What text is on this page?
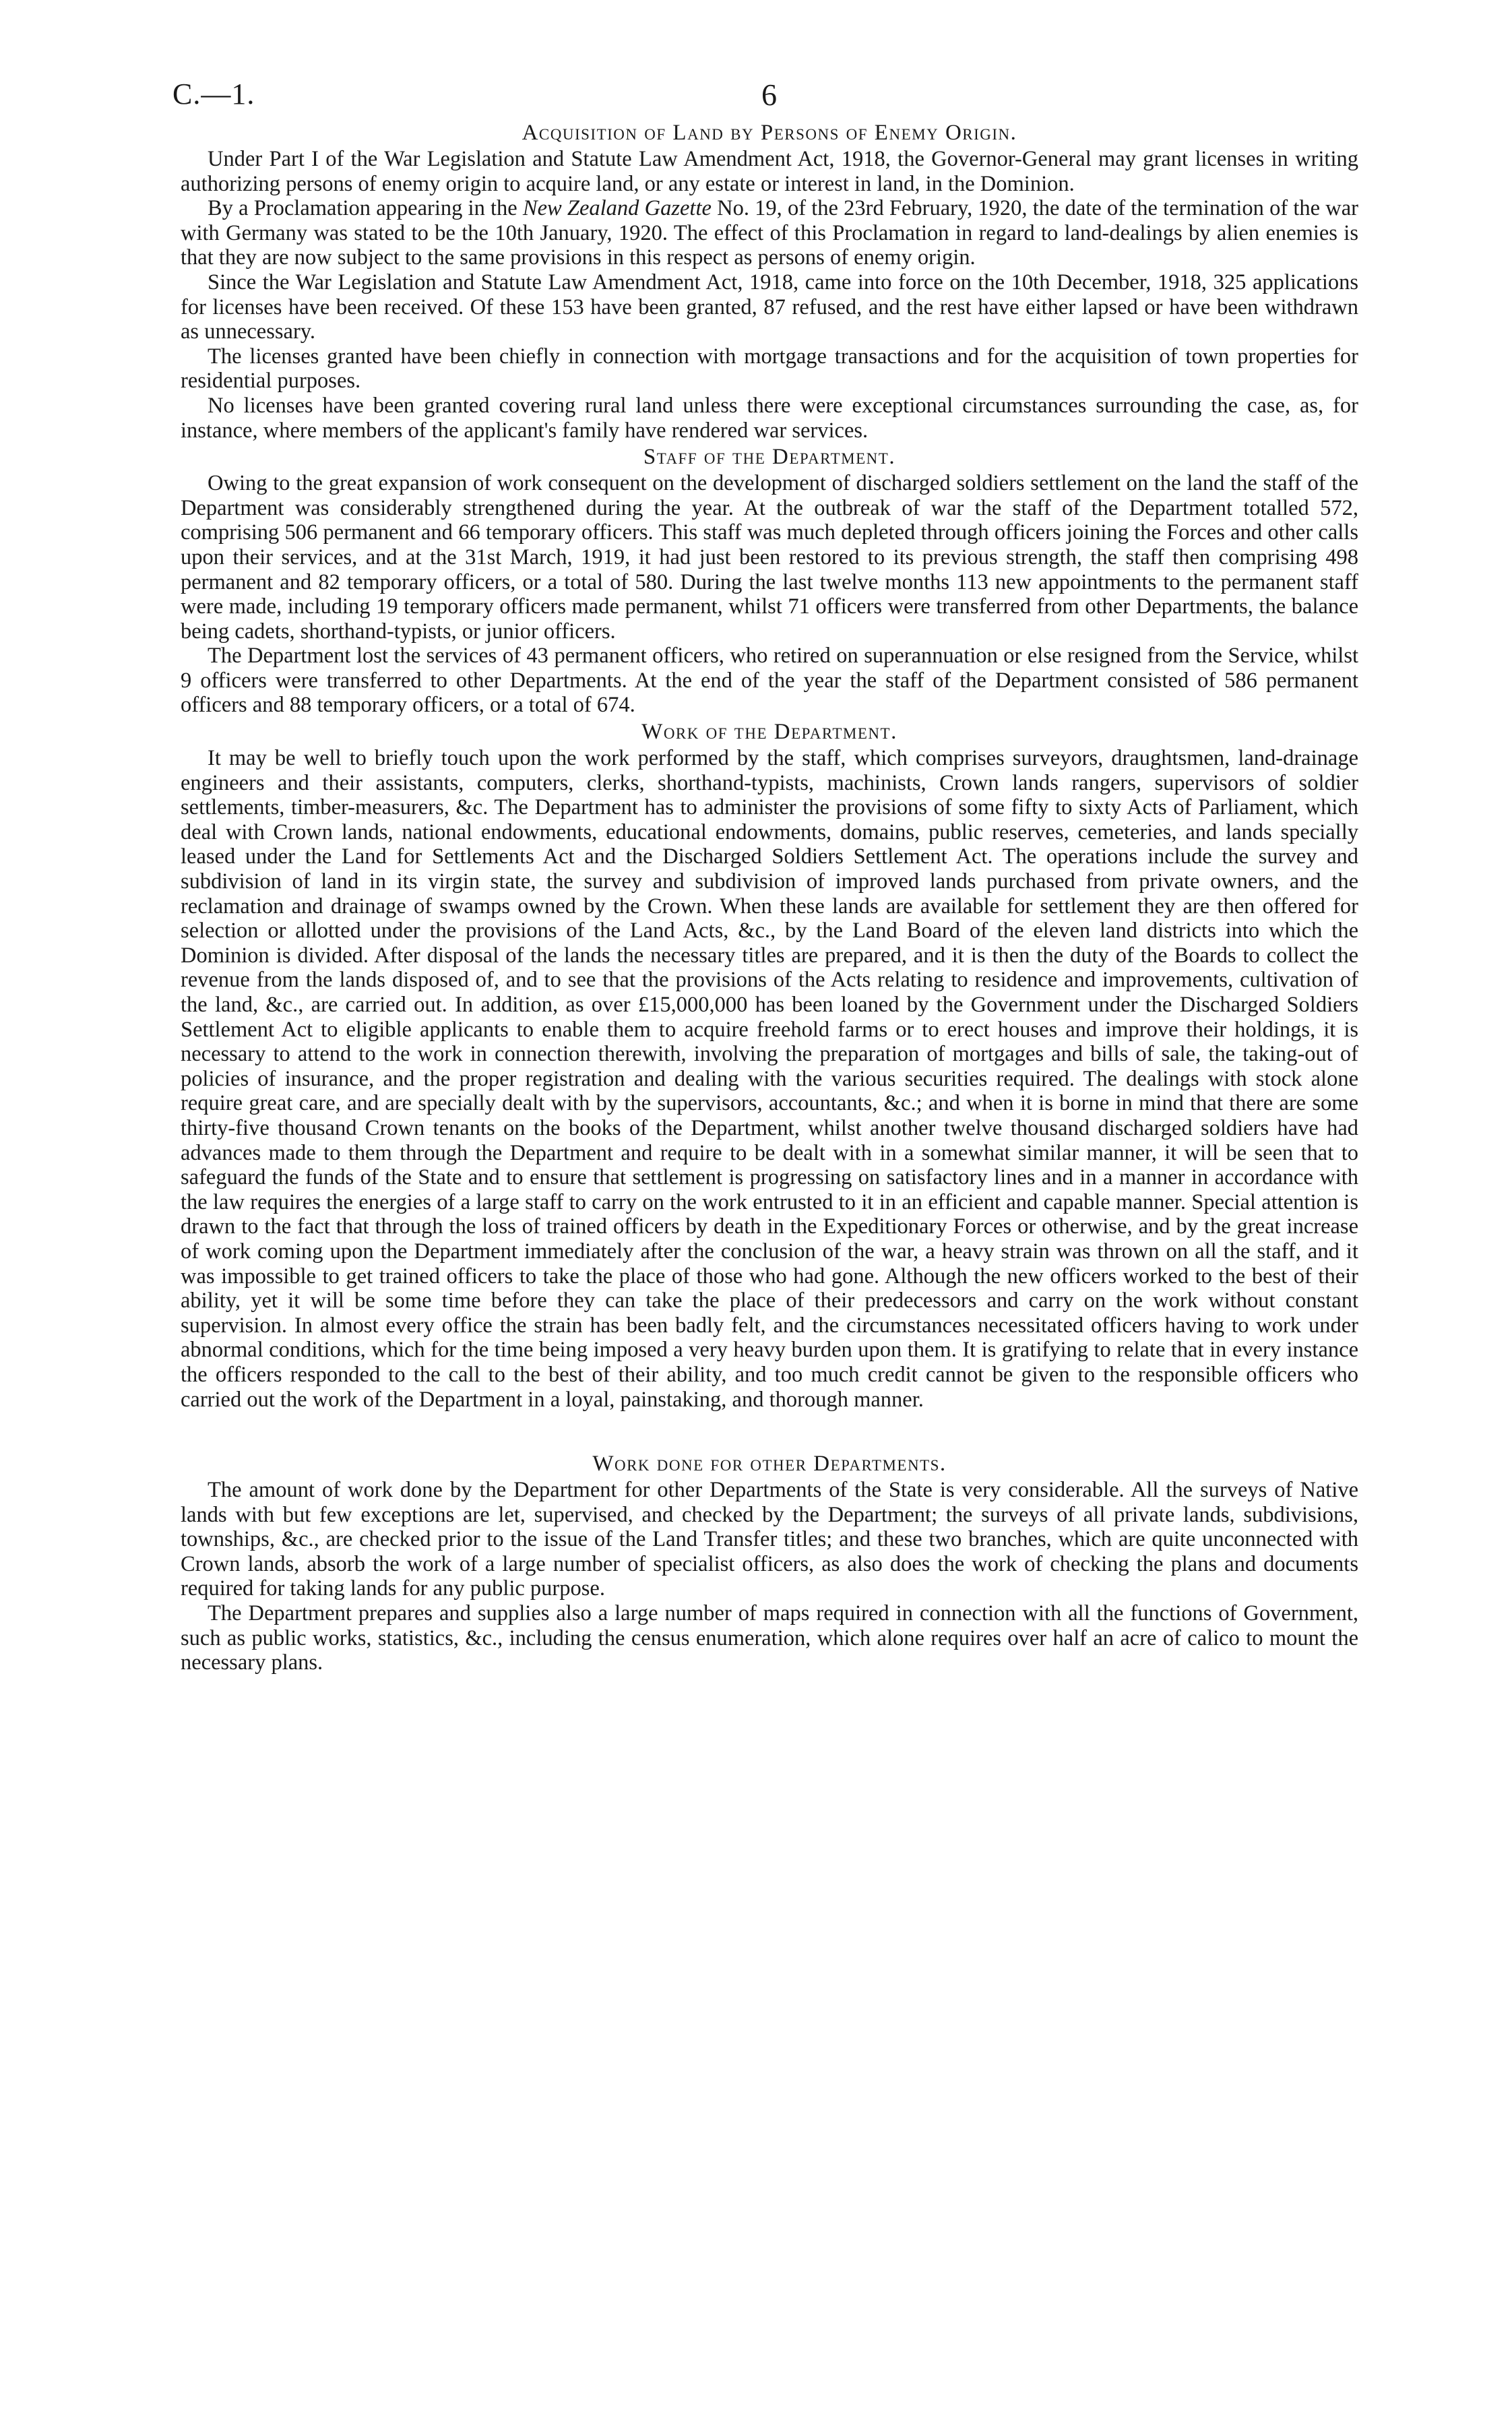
C.—1.	6
Acquisition of Land by Persons of Enemy Origin.

Under Part I of the War Legislation and Statute Law Amendment Act, 1918, the Governor-General may grant licenses in writing authorizing persons of enemy origin to acquire land, or any estate or interest in land, in the Dominion.

By a Proclamation appearing in the New Zealand Gazette No. 19, of the 23rd February, 1920, the date of the termination of the war with Germany was stated to be the 10th January, 1920. The effect of this Proclamation in regard to land-dealings by alien enemies is that they are now subject to the same provisions in this respect as persons of enemy origin.

Since the War Legislation and Statute Law Amendment Act, 1918, came into force on the 10th December, 1918, 325 applications for licenses have been received. Of these 153 have been granted, 87 refused, and the rest have either lapsed or have been withdrawn as unnecessary.

The licenses granted have been chiefly in connection with mortgage transactions and for the acquisition of town properties for residential purposes.

No licenses have been granted covering rural land unless there were exceptional circumstances surrounding the case, as, for instance, where members of the applicant's family have rendered war services.

Staff of the Department.

Owing to the great expansion of work consequent on the development of discharged soldiers settlement on the land the staff of the Department was considerably strengthened during the year. At the outbreak of war the staff of the Department totalled 572, comprising 506 permanent and 66 temporary officers. This staff was much depleted through officers joining the Forces and other calls upon their services, and at the 31st March, 1919, it had just been restored to its previous strength, the staff then comprising 498 permanent and 82 temporary officers, or a total of 580. During the last twelve months 113 new appointments to the permanent staff were made, including 19 temporary officers made permanent, whilst 71 officers were transferred from other Departments, the balance being cadets, shorthand-typists, or junior officers.

The Department lost the services of 43 permanent officers, who retired on superannuation or else resigned from the Service, whilst 9 officers were transferred to other Departments. At the end of the year the staff of the Department consisted of 586 permanent officers and 88 temporary officers, or a total of 674.

Work of the Department.

It may be well to briefly touch upon the work performed by the staff, which comprises surveyors, draughtsmen, land-drainage engineers and their assistants, computers, clerks, shorthand-typists, machinists, Crown lands rangers, supervisors of soldier settlements, timber-measurers, &c. The Department has to administer the provisions of some fifty to sixty Acts of Parliament, which deal with Crown lands, national endowments, educational endowments, domains, public reserves, cemeteries, and lands specially leased under the Land for Settlements Act and the Discharged Soldiers Settlement Act. The operations include the survey and subdivision of land in its virgin state, the survey and subdivision of improved lands purchased from private owners, and the reclamation and drainage of swamps owned by the Crown. When these lands are available for settlement they are then offered for selection or allotted under the provisions of the Land Acts, &c., by the Land Board of the eleven land districts into which the Dominion is divided. After disposal of the lands the necessary titles are prepared, and it is then the duty of the Boards to collect the revenue from the lands disposed of, and to see that the provisions of the Acts relating to residence and improvements, cultivation of the land, &c., are carried out. In addition, as over £15,000,000 has been loaned by the Government under the Discharged Soldiers Settlement Act to eligible applicants to enable them to acquire freehold farms or to erect houses and improve their holdings, it is necessary to attend to the work in connection therewith, involving the preparation of mortgages and bills of sale, the taking-out of policies of insurance, and the proper registration and dealing with the various securities required. The dealings with stock alone require great care, and are specially dealt with by the supervisors, accountants, &c.; and when it is borne in mind that there are some thirty-five thousand Crown tenants on the books of the Department, whilst another twelve thousand discharged soldiers have had advances made to them through the Department and require to be dealt with in a somewhat similar manner, it will be seen that to safeguard the funds of the State and to ensure that settlement is progressing on satisfactory lines and in a manner in accordance with the law requires the energies of a large staff to carry on the work entrusted to it in an efficient and capable manner. Special attention is drawn to the fact that through the loss of trained officers by death in the Expeditionary Forces or otherwise, and by the great increase of work coming upon the Department immediately after the conclusion of the war, a heavy strain was thrown on all the staff, and it was impossible to get trained officers to take the place of those who had gone. Although the new officers worked to the best of their ability, yet it will be some time before they can take the place of their predecessors and carry on the work without constant supervision. In almost every office the strain has been badly felt, and the circumstances necessitated officers having to work under abnormal conditions, which for the time being imposed a very heavy burden upon them. It is gratifying to relate that in every instance the officers responded to the call to the best of their ability, and too much credit cannot be given to the responsible officers who carried out the work of the Department in a loyal, painstaking, and thorough manner.

Work done for other Departments.

The amount of work done by the Department for other Departments of the State is very considerable. All the surveys of Native lands with but few exceptions are let, supervised, and checked by the Department; the surveys of all private lands, subdivisions, townships, &c., are checked prior to the issue of the Land Transfer titles; and these two branches, which are quite unconnected with Crown lands, absorb the work of a large number of specialist officers, as also does the work of checking the plans and documents required for taking lands for any public purpose.

The Department prepares and supplies also a large number of maps required in connection with all the functions of Government, such as public works, statistics, &c., including the census enumeration, which alone requires over half an acre of calico to mount the necessary plans.
